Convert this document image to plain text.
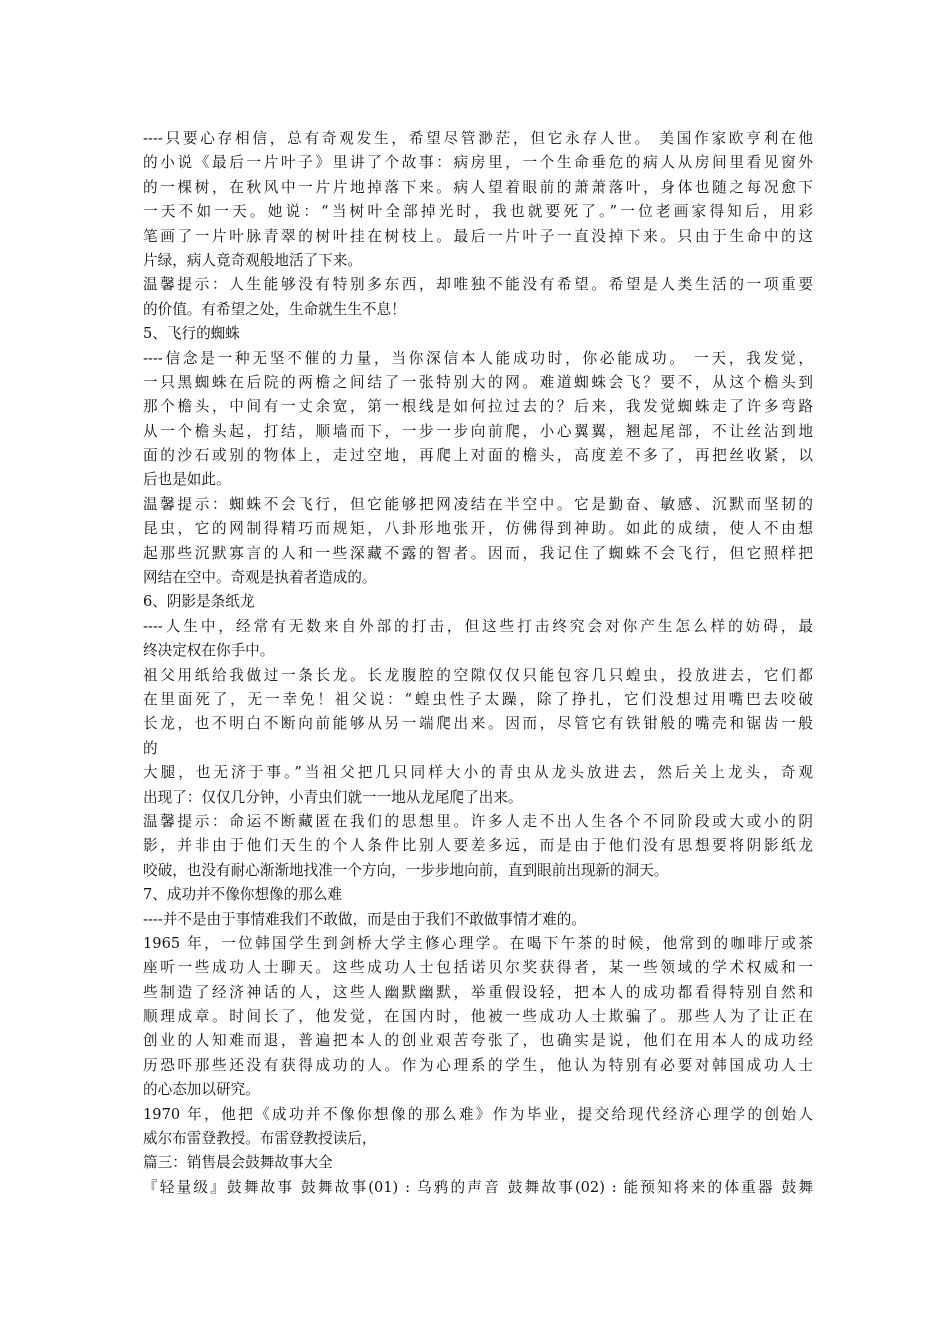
----只要心存相信，总有奇观发生，希望尽管渺茫，但它永存人世。 美国作家欧亨利在他
的小说《最后一片叶子》里讲了个故事：病房里，一个生命垂危的病人从房间里看见窗外
的一棵树，在秋风中一片片地掉落下来。病人望着眼前的萧萧落叶，身体也随之每况愈下
一天不如一天。她说：“当树叶全部掉光时，我也就要死了。”一位老画家得知后，用彩
笔画了一片叶脉青翠的树叶挂在树枝上。最后一片叶子一直没掉下来。只由于生命中的这
片绿，病人竟奇观般地活了下来。
温馨提示：人生能够没有特别多东西，却唯独不能没有希望。希望是人类生活的一项重要
的价值。有希望之处，生命就生生不息！
5、飞行的蜘蛛
----信念是一种无坚不催的力量，当你深信本人能成功时，你必能成功。 一天，我发觉，
一只黑蜘蛛在后院的两檐之间结了一张特别大的网。难道蜘蛛会飞？要不，从这个檐头到
那个檐头，中间有一丈余宽，第一根线是如何拉过去的？后来，我发觉蜘蛛走了许多弯路
从一个檐头起，打结，顺墙而下，一步一步向前爬，小心翼翼，翘起尾部，不让丝沾到地
面的沙石或别的物体上，走过空地，再爬上对面的檐头，高度差不多了，再把丝收紧，以
后也是如此。
温馨提示：蜘蛛不会飞行，但它能够把网凌结在半空中。它是勤奋、敏感、沉默而坚韧的
昆虫，它的网制得精巧而规矩，八卦形地张开，仿佛得到神助。如此的成绩，使人不由想
起那些沉默寡言的人和一些深藏不露的智者。因而，我记住了蜘蛛不会飞行，但它照样把
网结在空中。奇观是执着者造成的。
6、阴影是条纸龙
----人生中，经常有无数来自外部的打击，但这些打击终究会对你产生怎么样的妨碍，最
终决定权在你手中。
祖父用纸给我做过一条长龙。长龙腹腔的空隙仅仅只能包容几只蝗虫，投放进去，它们都
在里面死了，无一幸免！祖父说：“蝗虫性子太躁，除了挣扎，它们没想过用嘴巴去咬破
长龙，也不明白不断向前能够从另一端爬出来。因而，尽管它有铁钳般的嘴壳和锯齿一般
的
大腿，也无济于事。”当祖父把几只同样大小的青虫从龙头放进去，然后关上龙头，奇观
出现了：仅仅几分钟，小青虫们就一一地从龙尾爬了出来。
温馨提示：命运不断藏匿在我们的思想里。许多人走不出人生各个不同阶段或大或小的阴
影，并非由于他们天生的个人条件比别人要差多远，而是由于他们没有思想要将阴影纸龙
咬破，也没有耐心渐渐地找准一个方向，一步步地向前，直到眼前出现新的洞天。
7、成功并不像你想像的那么难
----并不是由于事情难我们不敢做，而是由于我们不敢做事情才难的。
1965 年，一位韩国学生到剑桥大学主修心理学。在喝下午茶的时候，他常到的咖啡厅或茶
座听一些成功人士聊天。这些成功人士包括诺贝尔奖获得者，某一些领域的学术权威和一
些制造了经济神话的人，这些人幽默幽默，举重假设轻，把本人的成功都看得特别自然和
顺理成章。时间长了，他发觉，在国内时，他被一些成功人士欺骗了。那些人为了让正在
创业的人知难而退，普遍把本人的创业艰苦夸张了，也确实是说，他们在用本人的成功经
历恐吓那些还没有获得成功的人。作为心理系的学生，他认为特别有必要对韩国成功人士
的心态加以研究。
1970 年，他把《成功并不像你想像的那么难》作为毕业，提交给现代经济心理学的创始人
威尔布雷登教授。布雷登教授读后，
篇三：销售晨会鼓舞故事大全
『轻量级』鼓舞故事 鼓舞故事(01) : 乌鸦的声音 鼓舞故事(02) : 能预知将来的体重器 鼓舞
